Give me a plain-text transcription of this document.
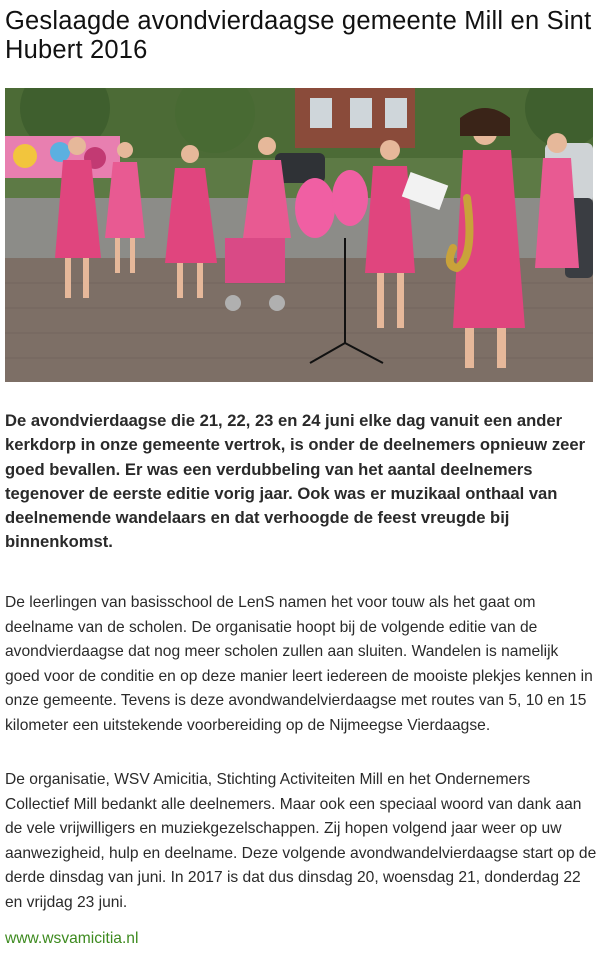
Geslaagde avondvierdaagse gemeente Mill en Sint Hubert 2016

De avondvierdaagse die 21, 22, 23 en 24 juni elke dag vanuit een ander kerkdorp in onze gemeente vertrok, is onder de deelnemers opnieuw zeer goed bevallen. Er was een verdubbeling van het aantal deelnemers tegenover de eerste editie vorig jaar. Ook was er muzikaal onthaal van deelnemende wandelaars en dat verhoogde de feest vreugde bij binnenkomst.

De leerlingen van basisschool de LenS namen het voor touw als het gaat om deelname van de scholen. De organisatie hoopt bij de volgende editie van de avondvierdaagse dat nog meer scholen zullen aan sluiten. Wandelen is namelijk goed voor de conditie en op deze manier leert iedereen de mooiste plekjes kennen in onze gemeente. Tevens is deze avondwandelvierdaagse met routes van 5, 10 en 15 kilometer een uitstekende voorbereiding op de Nijmeegse Vierdaagse.

De organisatie, WSV Amicitia, Stichting Activiteiten Mill en het Ondernemers Collectief Mill bedankt alle deelnemers. Maar ook een speciaal woord van dank aan de vele vrijwilligers en muziekgezelschappen. Zij hopen volgend jaar weer op uw aanwezigheid, hulp en deelname. Deze volgende avondwandelvierdaagse start op de derde dinsdag van juni. In 2017 is dat dus dinsdag 20, woensdag 21, donderdag 22 en vrijdag 23 juni.

www.wsvamicitia.nl
